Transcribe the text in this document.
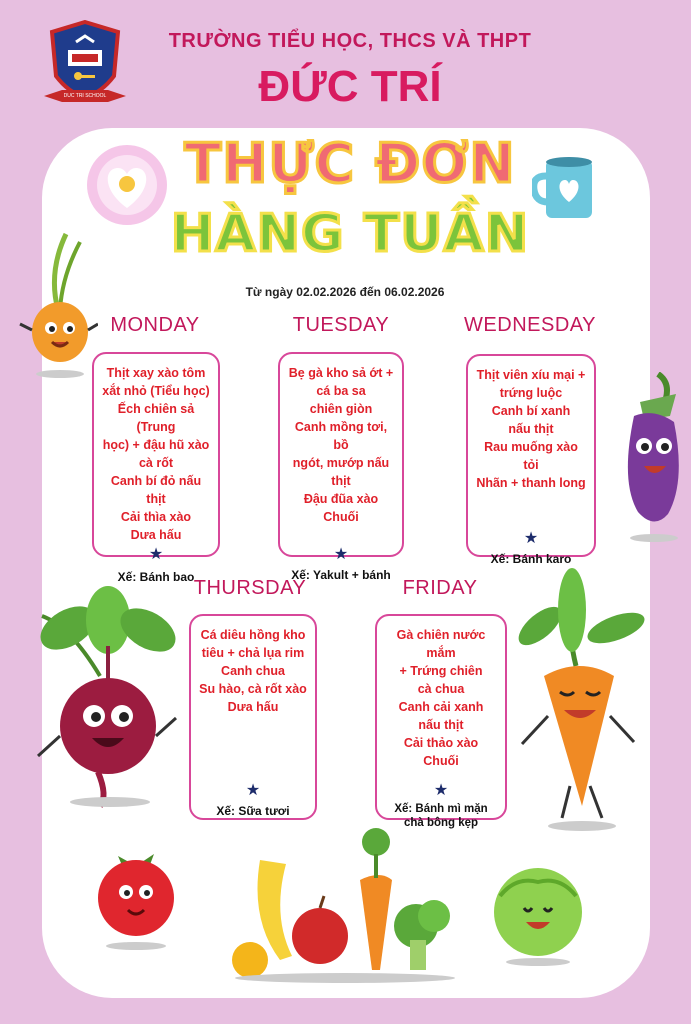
DUC TRI SCHOOL
TRƯỜNG TIỂU HỌC, THCS VÀ THPT
ĐỨC TRÍ
THỰC ĐƠN
HÀNG TUẦN
Từ ngày 02.02.2026 đến 06.02.2026
MONDAY	TUESDAY	WEDNESDAY
Thịt xay xào tôm
xắt nhỏ (Tiểu học)
Ếch chiên sả (Trung
học) + đậu hũ xào
cà rốt
Canh bí đỏ nấu thịt
Cải thìa xào
Dưa hấu
★
Xế: Bánh bao
Bẹ gà kho sả ớt +
cá ba sa
chiên giòn
Canh mồng tơi, bồ
ngót, mướp nấu thịt
Đậu đũa xào
Chuối
★
Xế: Yakult + bánh
Thịt viên xíu mại +
trứng luộc
Canh bí xanh
nấu thịt
Rau muống xào tỏi
Nhãn + thanh long
★
Xế: Bánh karo
THURSDAY	FRIDAY
Cá diêu hồng kho
tiêu + chả lụa rim
Canh chua
Su hào, cà rốt xào
Dưa hấu
★
Xế: Sữa tươi
Gà chiên nước mắm
+ Trứng chiên
cà chua
Canh cải xanh
nấu thịt
Cải thảo xào
Chuối
★
Xế: Bánh mì mặn chà bông kẹp
